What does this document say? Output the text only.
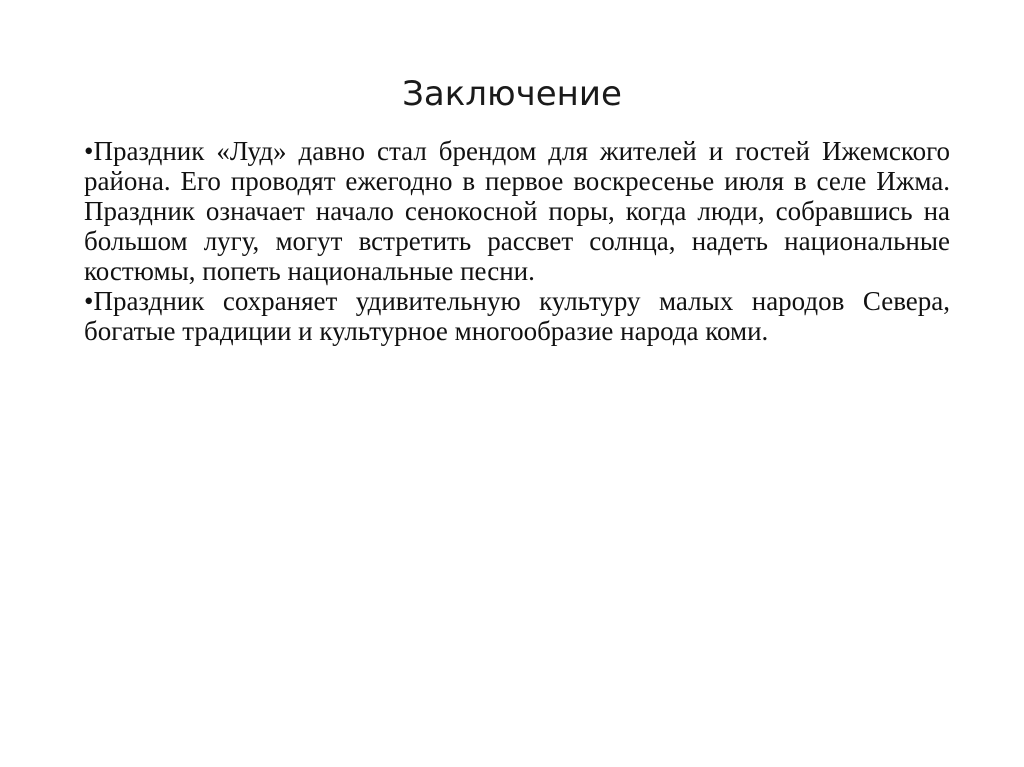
Заключение
•Праздник «Луд» давно стал брендом для жителей и гостей Ижемского района. Его проводят ежегодно в первое воскресенье июля в селе Ижма. Праздник означает начало сенокосной поры, когда люди, собравшись на большом лугу, могут встретить рассвет солнца, надеть национальные костюмы, попеть национальные песни.
•Праздник сохраняет удивительную культуру малых народов Севера, богатые традиции и культурное многообразие народа коми.
